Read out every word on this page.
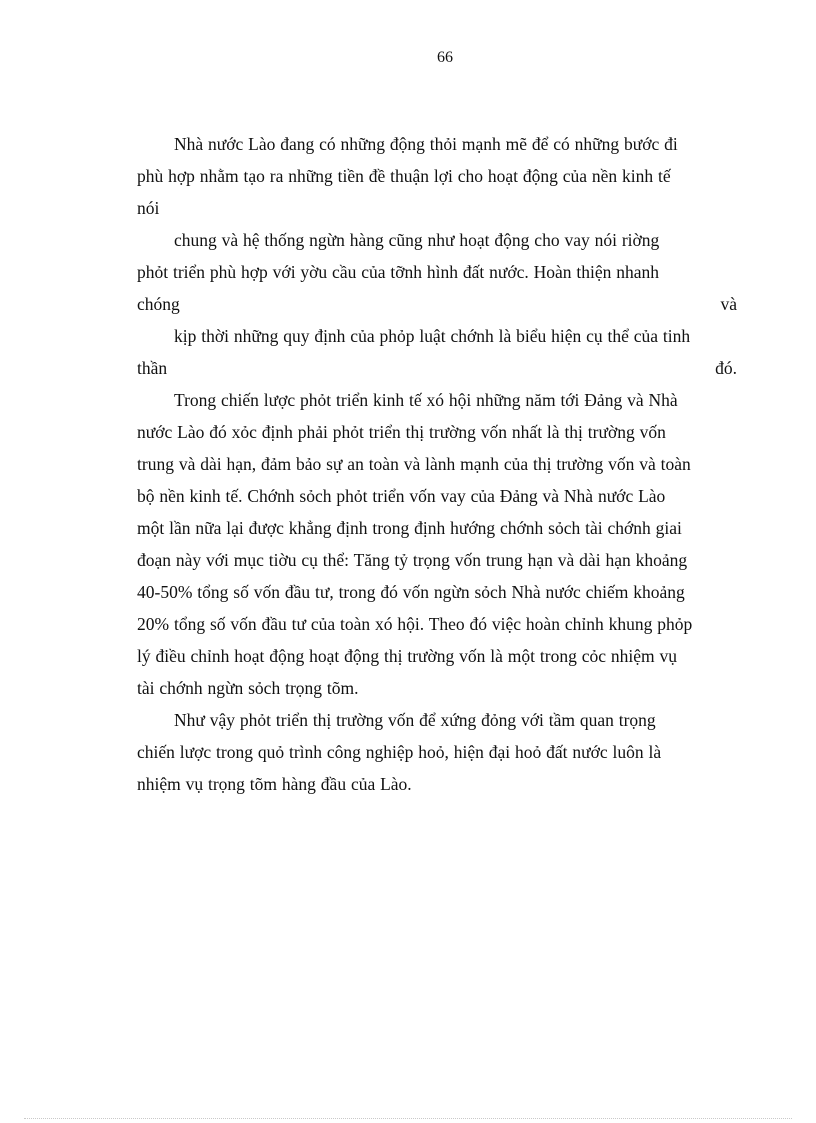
66

Nhà nước Lào đang có những động thỏi mạnh mẽ để có những bước đi

phù hợp nhằm tạo ra những tiền đề thuận lợi cho hoạt động của nền kinh tế

nói

chung và hệ thống ngừn hàng cũng như hoạt động cho vay nói riờng

phỏt triển phù hợp với yờu cầu của tỡnh hình đất nước. Hoàn thiện nhanh

chóng	và

kịp thời những quy định của phỏp luật chớnh là biểu hiện cụ thể của tinh

thần	đó.

Trong chiến lược phỏt triển kinh tế xó hội những năm tới Đảng và Nhà

nước Lào đó xỏc định phải phỏt triển thị trường vốn nhất là thị trường vốn

trung và dài hạn, đảm bảo sự an toàn và lành mạnh của thị trường vốn và toàn

bộ nền kinh tế. Chớnh sỏch phỏt triển vốn vay của Đảng và Nhà nước Lào

một lần nữa lại được khẳng định trong định hướng chớnh sỏch tài chớnh giai

đoạn này với mục tiờu cụ thể: Tăng tỷ trọng vốn trung hạn và dài hạn khoảng

40-50% tổng số vốn đầu tư, trong đó vốn ngừn sỏch Nhà nước chiếm khoảng

20% tổng số vốn đầu tư của toàn xó hội. Theo đó việc hoàn chỉnh khung phỏp

lý điều chỉnh hoạt động hoạt động thị trường vốn là một trong cỏc nhiệm vụ

tài chớnh ngừn sỏch trọng tõm.

Như vậy phỏt triển thị trường vốn để xứng đỏng với tầm quan trọng

chiến lược trong quỏ trình công nghiệp hoỏ, hiện đại hoỏ đất nước luôn là

nhiệm vụ trọng tõm hàng đầu của Lào.
